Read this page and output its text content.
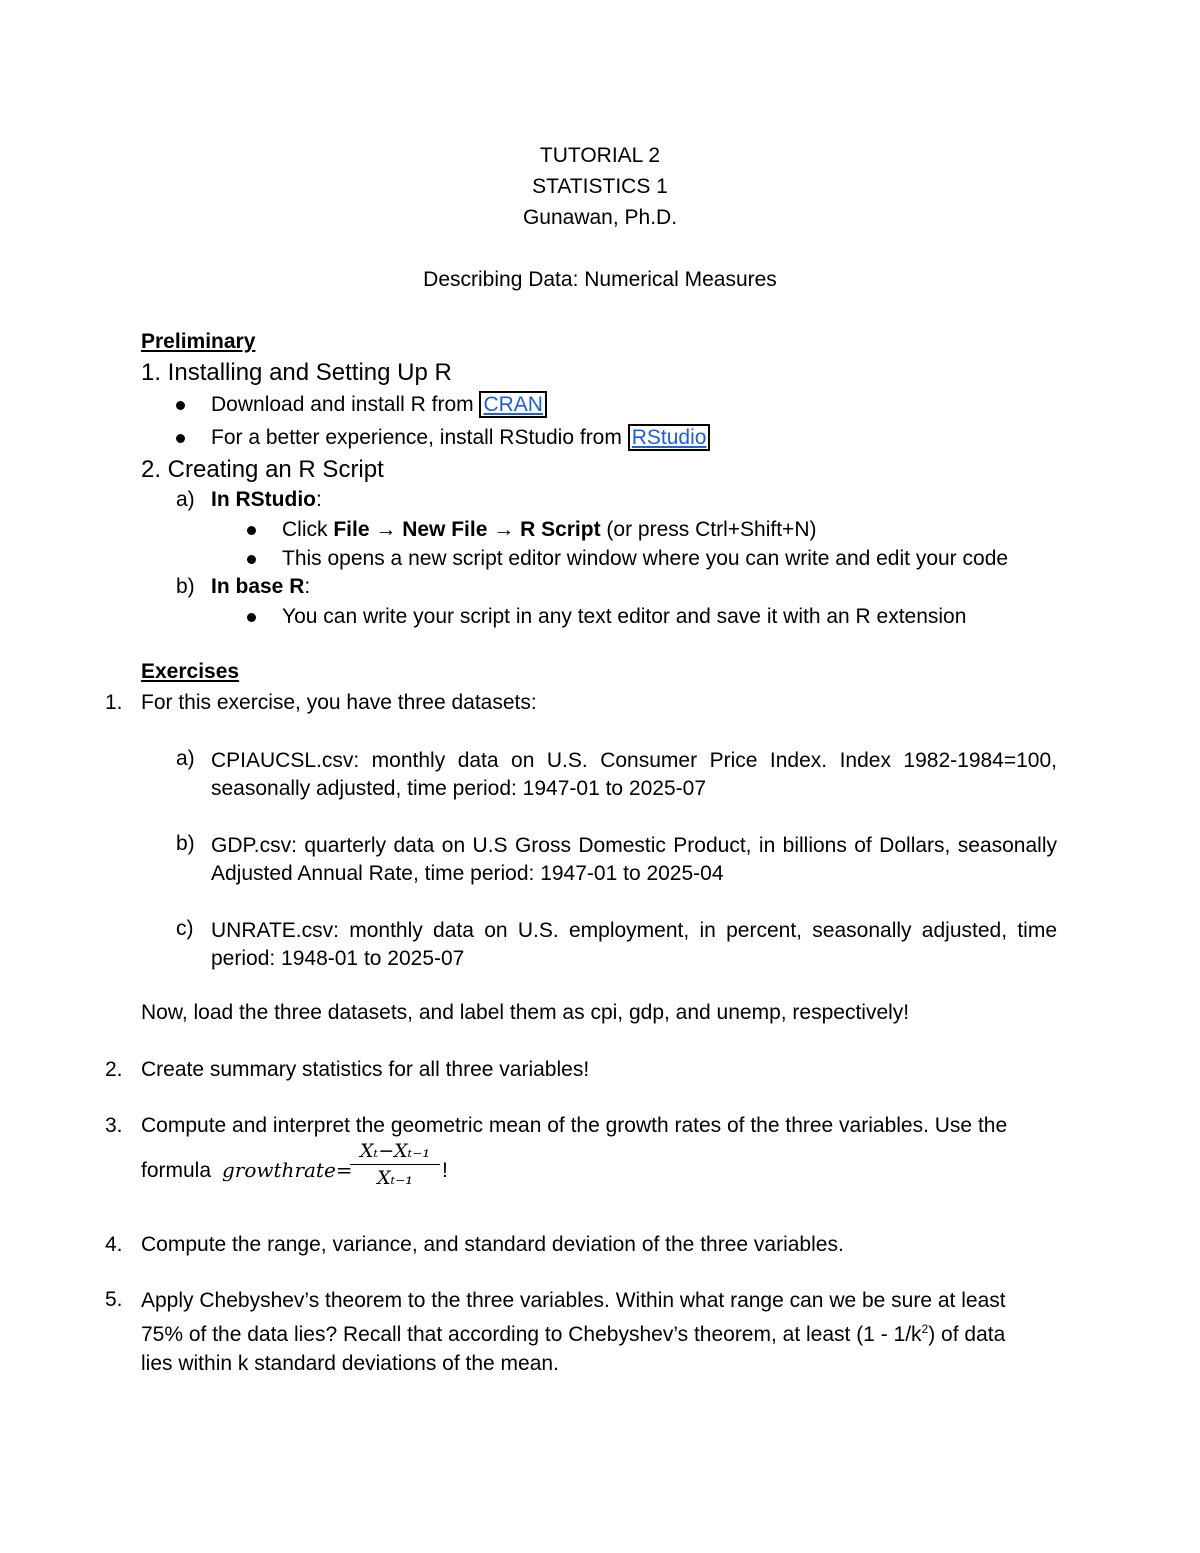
TUTORIAL 2
STATISTICS 1
Gunawan, Ph.D.
Describing Data: Numerical Measures
Preliminary
1. Installing and Setting Up R
Download and install R from CRAN
For a better experience, install RStudio from RStudio
2. Creating an R Script
a) In RStudio:
Click File → New File → R Script (or press Ctrl+Shift+N)
This opens a new script editor window where you can write and edit your code
b) In base R:
You can write your script in any text editor and save it with an R extension
Exercises
1. For this exercise, you have three datasets:
a) CPIAUCSL.csv: monthly data on U.S. Consumer Price Index. Index 1982-1984=100, seasonally adjusted, time period: 1947-01 to 2025-07
b) GDP.csv: quarterly data on U.S Gross Domestic Product, in billions of Dollars, seasonally Adjusted Annual Rate, time period: 1947-01 to 2025-04
c) UNRATE.csv: monthly data on U.S. employment, in percent, seasonally adjusted, time period: 1948-01 to 2025-07
Now, load the three datasets, and label them as cpi, gdp, and unemp, respectively!
2. Create summary statistics for all three variables!
3. Compute and interpret the geometric mean of the growth rates of the three variables. Use the
formula growthrate=
Xₜ−Xₜ₋₁
Xₜ₋₁	!
4. Compute the range, variance, and standard deviation of the three variables.
5. Apply Chebyshev’s theorem to the three variables. Within what range can we be sure at least 75% of the data lies? Recall that according to Chebyshev’s theorem, at least $(1 - 1/k^2)$ of data lies within k standard deviations of the mean.
